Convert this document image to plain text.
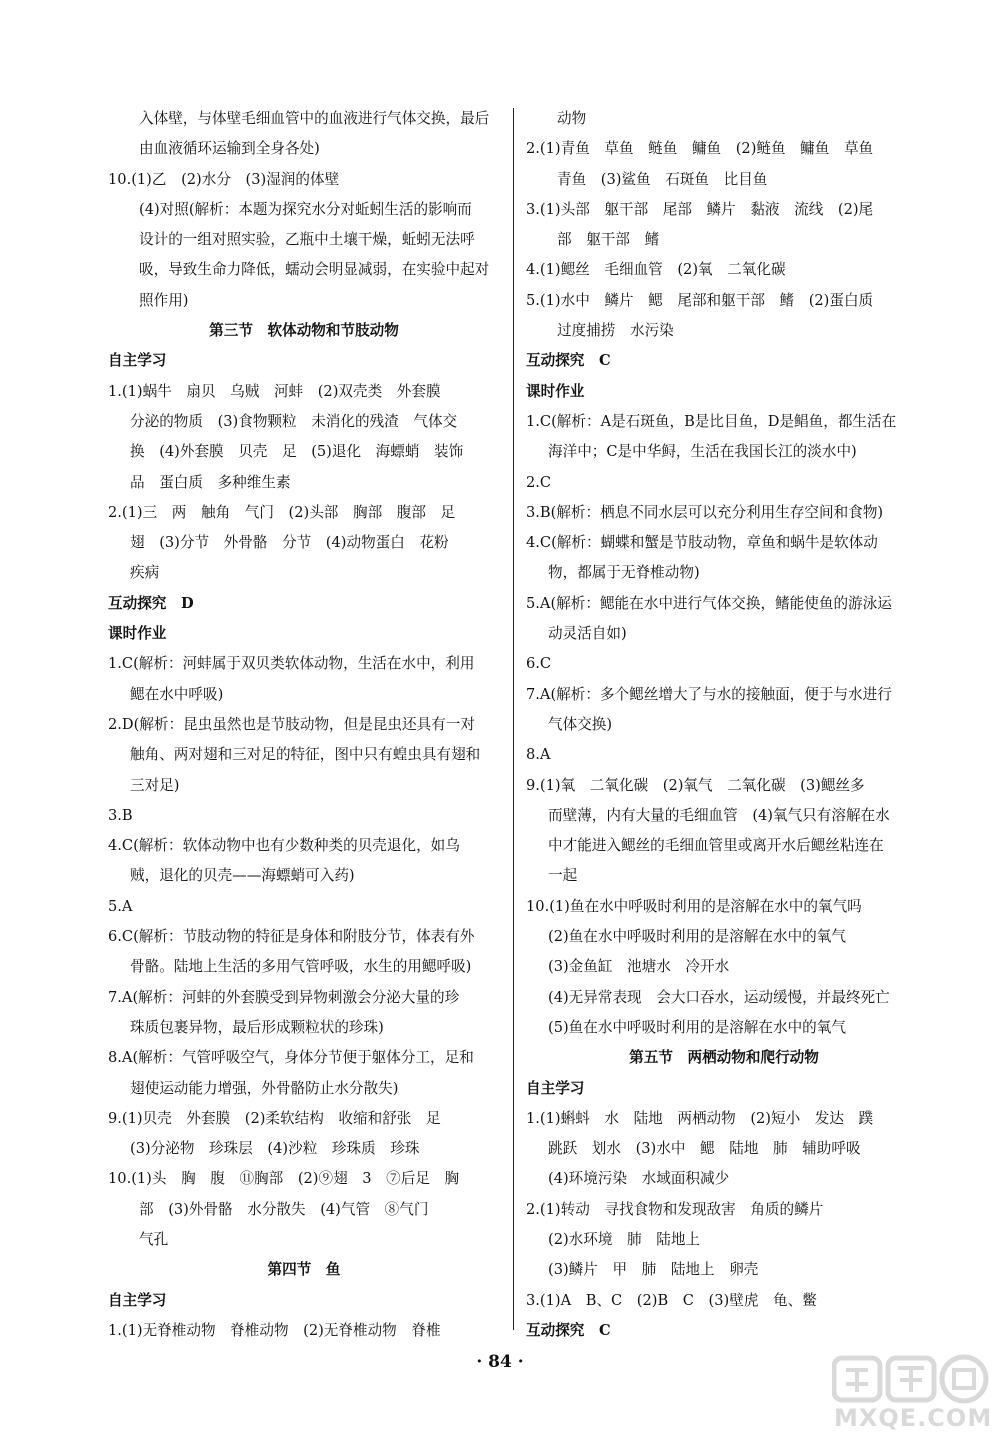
入体壁，与体壁毛细血管中的血液进行气体交换，最后
由血液循环运输到全身各处)
10.(1)乙　(2)水分　(3)湿润的体壁
(4)对照(解析：本题为探究水分对蚯蚓生活的影响而
设计的一组对照实验，乙瓶中土壤干燥，蚯蚓无法呼
吸，导致生命力降低，蠕动会明显减弱，在实验中起对
照作用)
第三节　软体动物和节肢动物
自主学习
1.(1)蜗牛　扇贝　乌贼　河蚌　(2)双壳类　外套膜
分泌的物质　(3)食物颗粒　未消化的残渣　气体交
换　(4)外套膜　贝壳　足　(5)退化　海螵蛸　装饰
品　蛋白质　多种维生素
2.(1)三　两　触角　气门　(2)头部　胸部　腹部　足
翅　(3)分节　外骨骼　分节　(4)动物蛋白　花粉
疾病
互动探究　D
课时作业
1.C(解析：河蚌属于双贝类软体动物，生活在水中，利用
鳃在水中呼吸)
2.D(解析：昆虫虽然也是节肢动物，但是昆虫还具有一对
触角、两对翅和三对足的特征，图中只有蝗虫具有翅和
三对足)
3.B
4.C(解析：软体动物中也有少数种类的贝壳退化，如乌
贼，退化的贝壳——海螵蛸可入药)
5.A
6.C(解析：节肢动物的特征是身体和附肢分节，体表有外
骨骼。陆地上生活的多用气管呼吸，水生的用鳃呼吸)
7.A(解析：河蚌的外套膜受到异物刺激会分泌大量的珍
珠质包裹异物，最后形成颗粒状的珍珠)
8.A(解析：气管呼吸空气，身体分节便于躯体分工，足和
翅使运动能力增强，外骨骼防止水分散失)
9.(1)贝壳　外套膜　(2)柔软结构　收缩和舒张　足
(3)分泌物　珍珠层　(4)沙粒　珍珠质　珍珠
10.(1)头　胸　腹　⑪胸部　(2)⑨翅　3　⑦后足　胸
部　(3)外骨骼　水分散失　(4)气管　⑧气门
气孔
第四节　鱼
自主学习
1.(1)无脊椎动物　脊椎动物　(2)无脊椎动物　脊椎
动物
2.(1)青鱼　草鱼　鲢鱼　鳙鱼　(2)鲢鱼　鳙鱼　草鱼
青鱼　(3)鲨鱼　石斑鱼　比目鱼
3.(1)头部　躯干部　尾部　鳞片　黏液　流线　(2)尾
部　躯干部　鳍
4.(1)鳃丝　毛细血管　(2)氧　二氧化碳
5.(1)水中　鳞片　鳃　尾部和躯干部　鳍　(2)蛋白质
过度捕捞　水污染
互动探究　C
课时作业
1.C(解析：A是石斑鱼，B是比目鱼，D是鲳鱼，都生活在
海洋中；C是中华鲟，生活在我国长江的淡水中)
2.C
3.B(解析：栖息不同水层可以充分利用生存空间和食物)
4.C(解析：蝴蝶和蟹是节肢动物，章鱼和蜗牛是软体动
物，都属于无脊椎动物)
5.A(解析：鳃能在水中进行气体交换，鳍能使鱼的游泳运
动灵活自如)
6.C
7.A(解析：多个鳃丝增大了与水的接触面，便于与水进行
气体交换)
8.A
9.(1)氧　二氧化碳　(2)氧气　二氧化碳　(3)鳃丝多
而壁薄，内有大量的毛细血管　(4)氧气只有溶解在水
中才能进入鳃丝的毛细血管里或离开水后鳃丝粘连在
一起
10.(1)鱼在水中呼吸时利用的是溶解在水中的氧气吗
(2)鱼在水中呼吸时利用的是溶解在水中的氧气
(3)金鱼缸　池塘水　冷开水
(4)无异常表现　会大口吞水，运动缓慢，并最终死亡
(5)鱼在水中呼吸时利用的是溶解在水中的氧气
第五节　两栖动物和爬行动物
自主学习
1.(1)蝌蚪　水　陆地　两栖动物　(2)短小　发达　蹼
跳跃　划水　(3)水中　鳃　陆地　肺　辅助呼吸
(4)环境污染　水域面积减少
2.(1)转动　寻找食物和发现敌害　角质的鳞片
(2)水环境　肺　陆地上
(3)鳞片　甲　肺　陆地上　卵壳
3.(1)A　B、C　(2)B　C　(3)壁虎　龟、鳖
互动探究　C
· 84 ·
MXQE.COM
